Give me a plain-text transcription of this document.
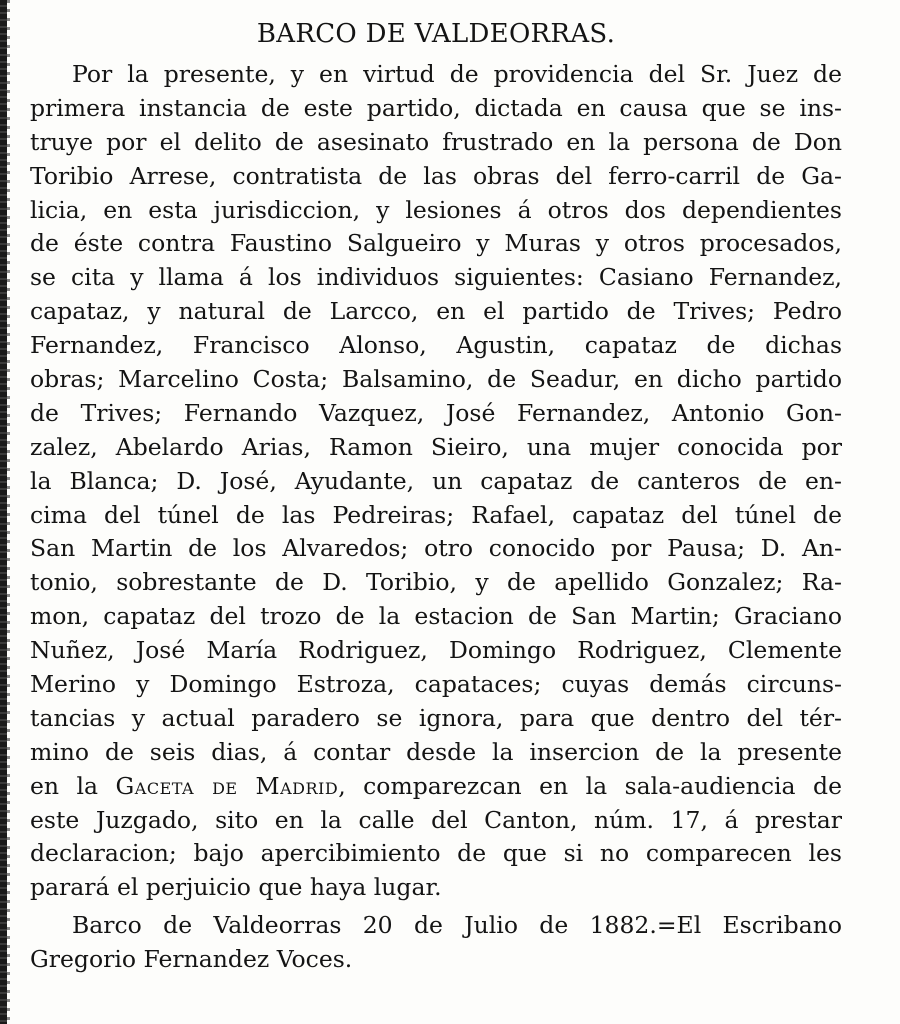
BARCO DE VALDEORRAS.
Por la presente, y en virtud de providencia del Sr. Juez de
primera instancia de este partido, dictada en causa que se ins-
truye por el delito de asesinato frustrado en la persona de Don
Toribio Arrese, contratista de las obras del ferro-carril de Ga-
licia, en esta jurisdiccion, y lesiones á otros dos dependientes
de éste contra Faustino Salgueiro y Muras y otros procesados,
se cita y llama á los individuos siguientes: Casiano Fernandez,
capataz, y natural de Larcco, en el partido de Trives; Pedro
Fernandez, Francisco Alonso, Agustin, capataz de dichas
obras; Marcelino Costa; Balsamino, de Seadur, en dicho partido
de Trives; Fernando Vazquez, José Fernandez, Antonio Gon-
zalez, Abelardo Arias, Ramon Sieiro, una mujer conocida por
la Blanca; D. José, Ayudante, un capataz de canteros de en-
cima del túnel de las Pedreiras; Rafael, capataz del túnel de
San Martin de los Alvaredos; otro conocido por Pausa; D. An-
tonio, sobrestante de D. Toribio, y de apellido Gonzalez; Ra-
mon, capataz del trozo de la estacion de San Martin; Graciano
Nuñez, José María Rodriguez, Domingo Rodriguez, Clemente
Merino y Domingo Estroza, capataces; cuyas demás circuns-
tancias y actual paradero se ignora, para que dentro del tér-
mino de seis dias, á contar desde la insercion de la presente
en la Gaceta de Madrid, comparezcan en la sala-audiencia de
este Juzgado, sito en la calle del Canton, núm. 17, á prestar
declaracion; bajo apercibimiento de que si no comparecen les
parará el perjuicio que haya lugar.
Barco de Valdeorras 20 de Julio de 1882.=El Escribano
Gregorio Fernandez Voces.
